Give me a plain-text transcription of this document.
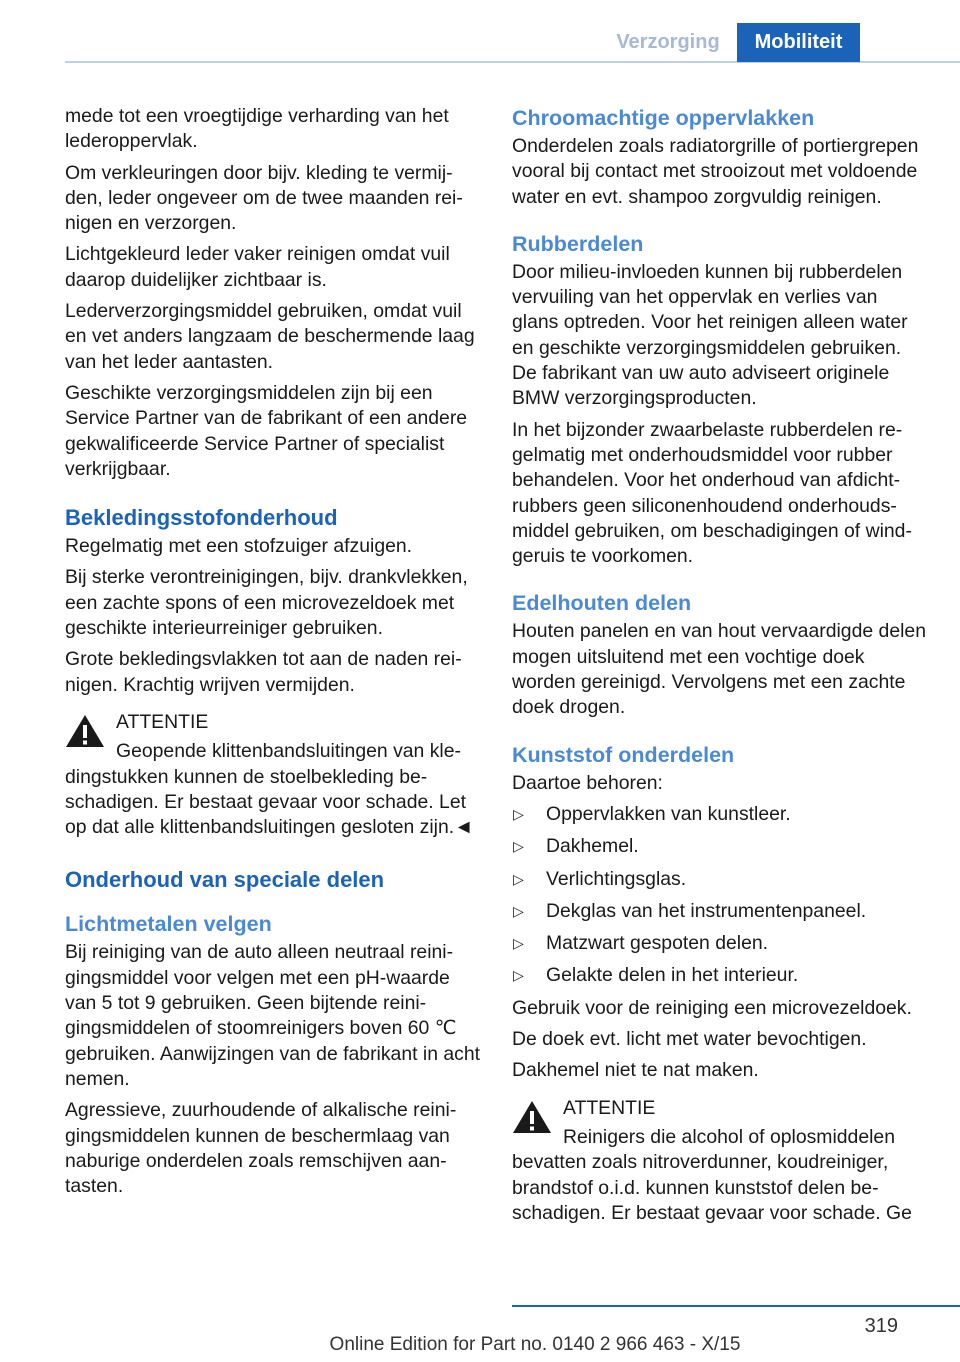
Verzorging	Mobiliteit

mede tot een vroegtijdige verharding van het lederoppervlak.

Om verkleuringen door bijv. kleding te vermijden, leder ongeveer om de twee maanden reinigen en verzorgen.

Lichtgekleurd leder vaker reinigen omdat vuil daarop duidelijker zichtbaar is.

Lederverzorgingsmiddel gebruiken, omdat vuil en vet anders langzaam de beschermende laag van het leder aantasten.

Geschikte verzorgingsmiddelen zijn bij een Service Partner van de fabrikant of een andere gekwalificeerde Service Partner of specialist verkrijgbaar.

Bekledingsstofonderhoud

Regelmatig met een stofzuiger afzuigen.

Bij sterke verontreinigingen, bijv. drankvlekken, een zachte spons of een microvezeldoek met geschikte interieurreiniger gebruiken.

Grote bekledingsvlakken tot aan de naden reinigen. Krachtig wrijven vermijden.

ATTENTIE
Geopende klittenbandsluitingen van kledingstukken kunnen de stoelbekleding beschadigen. Er bestaat gevaar voor schade. Let op dat alle klittenbandsluitingen gesloten zijn.◄
Onderhoud van speciale delen
Lichtmetalen velgen

Bij reiniging van de auto alleen neutraal reinigingsmiddel voor velgen met een pH-waarde van 5 tot 9 gebruiken. Geen bijtende reinigingsmiddelen of stoomreinigers boven 60 ℃ gebruiken. Aanwijzingen van de fabrikant in acht nemen.

Agressieve, zuurhoudende of alkalische reinigingsmiddelen kunnen de beschermlaag van naburige onderdelen zoals remschijven aantasten.

Chroomachtige oppervlakken

Onderdelen zoals radiatorgrille of portiergrepen vooral bij contact met strooizout met voldoende water en evt. shampoo zorgvuldig reinigen.

Rubberdelen

Door milieu-invloeden kunnen bij rubberdelen vervuiling van het oppervlak en verlies van glans optreden. Voor het reinigen alleen water en geschikte verzorgingsmiddelen gebruiken. De fabrikant van uw auto adviseert originele BMW verzorgingsproducten.

In het bijzonder zwaarbelaste rubberdelen regelmatig met onderhoudsmiddel voor rubber behandelen. Voor het onderhoud van afdichtrubbers geen siliconenhoudend onderhoudsmiddel gebruiken, om beschadigingen of windgeruis te voorkomen.

Edelhouten delen

Houten panelen en van hout vervaardigde delen mogen uitsluitend met een vochtige doek worden gereinigd. Vervolgens met een zachte doek drogen.

Kunststof onderdelen

Daartoe behoren:

▷ Oppervlakken van kunstleer.
▷ Dakhemel.
▷ Verlichtingsglas.
▷ Dekglas van het instrumentenpaneel.
▷ Matzwart gespoten delen.
▷ Gelakte delen in het interieur.

Gebruik voor de reiniging een microvezeldoek.

De doek evt. licht met water bevochtigen.

Dakhemel niet te nat maken.

ATTENTIE
Reinigers die alcohol of oplosmiddelen bevatten zoals nitroverdunner, koudreiniger, brandstof o.i.d. kunnen kunststof delen beschadigen. Er bestaat gevaar voor schade. Ge
319
Online Edition for Part no. 0140 2 966 463 - X/15
